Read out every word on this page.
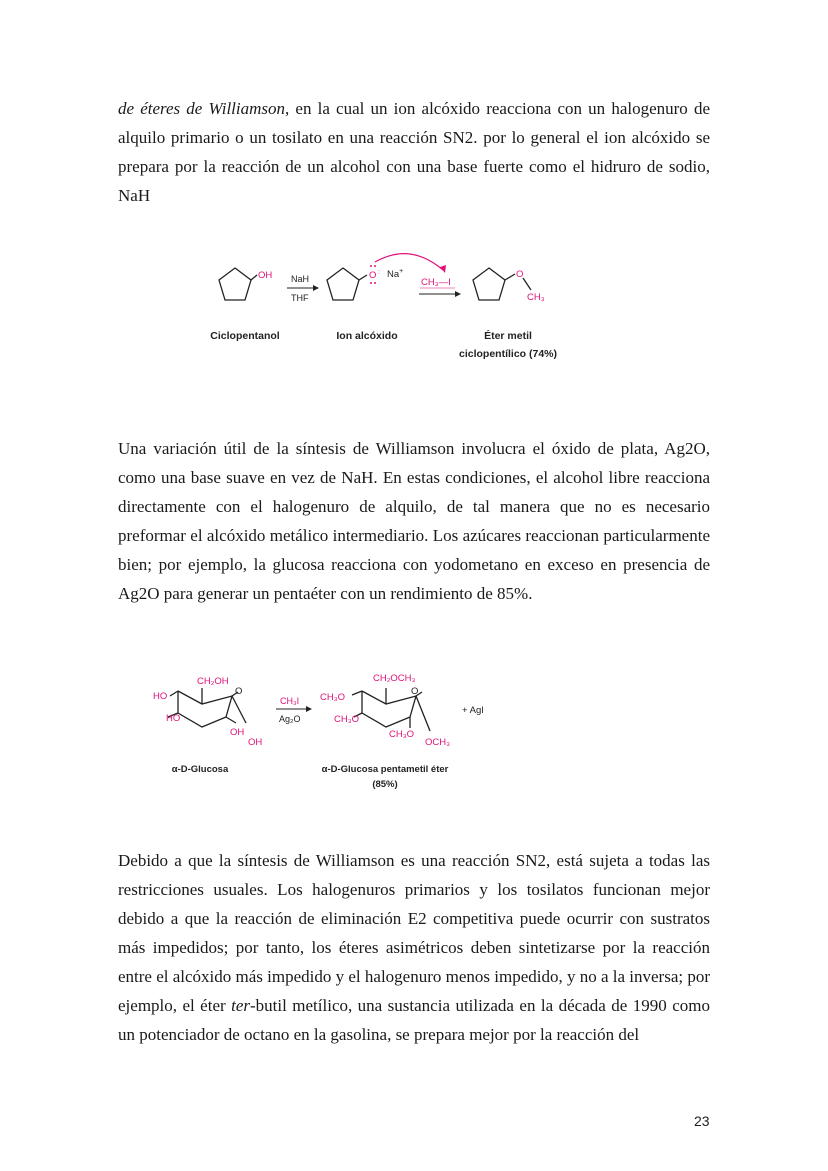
de éteres de Williamson, en la cual un ion alcóxido reacciona con un halogenuro de alquilo primario o un tosilato en una reacción SN2. por lo general el ion alcóxido se prepara por la reacción de un alcohol con una base fuerte como el hidruro de sodio, NaH

OH NaH
THF
O : Na+
CH₃—I
O
CH₃
Ciclopentanol	Ion alcóxido	Éter metil
ciclopentílico (74%)

Una variación útil de la síntesis de Williamson involucra el óxido de plata, Ag2O, como una base suave en vez de NaH. En estas condiciones, el alcohol libre reacciona directamente con el halogenuro de alquilo, de tal manera que no es necesario preformar el alcóxido metálico intermediario. Los azúcares reaccionan particularmente bien; por ejemplo, la glucosa reacciona con yodometano en exceso en presencia de Ag2O para generar un pentaéter con un rendimiento de 85%.

CH₂OH
O
HO
HO
OH
OH
CH₃I
Ag₂O
CH₂OCH₃
O
CH₃O
CH₃O
CH₃O
OCH₃
+ AgI
α-D-Glucosa	α-D-Glucosa pentametil éter
(85%)

Debido a que la síntesis de Williamson es una reacción SN2, está sujeta a todas las restricciones usuales. Los halogenuros primarios y los tosilatos funcionan mejor debido a que la reacción de eliminación E2 competitiva puede ocurrir con sustratos más impedidos; por tanto, los éteres asimétricos deben sintetizarse por la reacción entre el alcóxido más impedido y el halogenuro menos impedido, y no a la inversa; por ejemplo, el éter ter-butil metílico, una sustancia utilizada en la década de 1990 como un potenciador de octano en la gasolina, se prepara mejor por la reacción del

23
